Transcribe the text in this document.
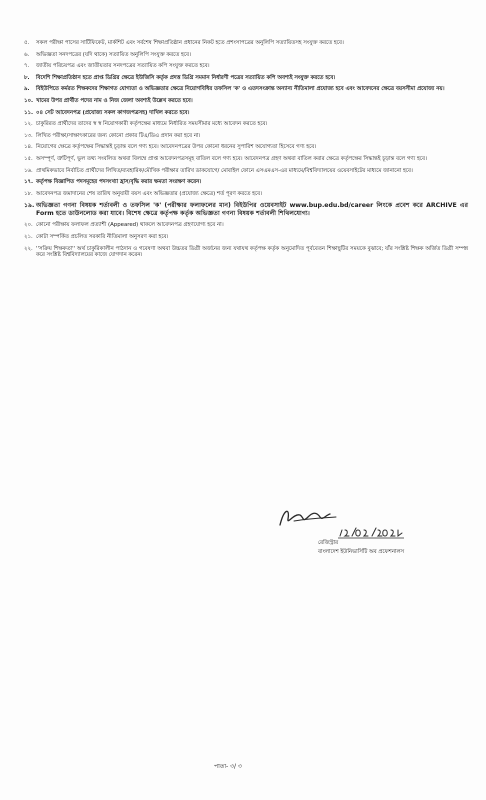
৫. সকল পরীক্ষা পাসের সার্টিফিকেট, মার্কশিট এবং সর্বশেষ শিক্ষাপ্রতিষ্ঠান প্রধানের নিকট হতে প্রশংসাপত্রের অনুলিপি সত্যায়িতসহ সংযুক্ত করতে হবে।
৬. অভিজ্ঞতা সনদপত্রের (যদি থাকে) সত্যায়িত অনুলিপি সংযুক্ত করতে হবে।
৭. জাতীয় পরিচয়পত্র এবং জাতীয়তার সনদপত্রের সত্যায়িত কপি সংযুক্ত করতে হবে।
৮. বিদেশি শিক্ষাপ্রতিষ্ঠান হতে প্রাপ্ত ডিগ্রির ক্ষেত্রে ইউজিসি কর্তৃক প্রদত্ত ডিগ্রি সমমান নির্ধারণী পত্রের সত্যায়িত কপি অবশ্যই সংযুক্ত করতে হবে।
৯. বিইউপিতে কর্মরত শিক্ষকদের শিক্ষাগত যোগ্যতা ও অভিজ্ঞতার ক্ষেত্রে নিয়োগবিধির তফসিল 'ক' ও এতদসংক্রান্ত অন্যান্য নীতিমালা প্রযোজ্য হবে এবং আবেদনের ক্ষেত্রে বয়সসীমা প্রযোজ্য নয়।
১০. খামের উপর প্রার্থীত পদের নাম ও নিজ জেলা অবশ্যই উল্লেখ করতে হবে।
১১. ০৪ সেট আবেদনপত্র (প্রযোজ্য সকল কাগজপত্রসহ) দাখিল করতে হবে।
১২. চাকুরিরত প্রার্থীদের তাদের স্ব স্ব নিয়োগকারী কর্তৃপক্ষের মাধ্যমে নির্ধারিত সময়সীমার মধ্যে আবেদন করতে হবে।
১৩. লিখিত পরীক্ষা/সাক্ষাৎকারের জন্য কোনো প্রকার টিএ/ডিএ প্রদান করা হবে না।
১৪. নিয়োগের ক্ষেত্রে কর্তৃপক্ষের সিদ্ধান্তই চূড়ান্ত বলে গণ্য হবে। আবেদনপত্রের উপর কোনো ধরনের সুপারিশ অযোগ্যতা হিসেবে গণ্য হবে।
১৫. অসম্পূর্ণ, ত্রুটিপূর্ণ, ভুল তথ্য সংবলিত অথবা বিলম্বে প্রাপ্ত আবেদনপত্রসমূহ বাতিল বলে গণ্য হবে। আবেদনপত্র গ্রহণ অথবা বাতিল করার ক্ষেত্রে কর্তৃপক্ষের সিদ্ধান্তই চূড়ান্ত বলে গণ্য হবে।
১৬. প্রাথমিকভাবে নির্বাচিত প্রার্থীদের লিখিত/ব্যবহারিক/মৌখিক পরীক্ষার তারিখ ডাকযোগে/ মোবাইল ফোনে এসএমএস-এর মাধ্যমে/বিশ্ববিদ্যালয়ের ওয়েবসাইটের মাধ্যমে জানানো হবে।
১৭. কর্তৃপক্ষ বিজ্ঞাপিত পদসমূহের পদসংখ্যা হ্রাস/বৃদ্ধি করার ক্ষমতা সংরক্ষণ করেন।
১৮. আবেদনপত্র জমাদানের শেষ তারিখ অনুযায়ী বয়স এবং অভিজ্ঞতার (প্রযোজ্য ক্ষেত্রে) শর্ত পূরণ করতে হবে।
১৯. অভিজ্ঞতা গণনা বিষয়ক শর্তাবলী ও তফসিল 'ক' (পরীক্ষার ফলাফলের মান) বিইউপির ওয়েবসাইট www.bup.edu.bd/career লিংকে প্রবেশ করে ARCHIVE এর Form হতে ডাউনলোড করা যাবে। বিশেষ ক্ষেত্রে কর্তৃপক্ষ কর্তৃক অভিজ্ঞতা গণনা বিষয়ক শর্তাবলী শিথিলযোগ্য।
২০. কোনো পরীক্ষায় ফলাফল প্রত্যাশী (Appeared) থাকলে আবেদনপত্র গ্রহণযোগ্য হবে না।
২১. কোটা সম্পর্কিত প্রচলিত সরকারি নীতিমালা অনুসরণ করা হবে।
২২. ''সক্রিয় শিক্ষকতা'' অর্থ চাকুরিকালীন পাঠদান ও গবেষণা অথবা উচ্চতর ডিগ্রী অর্জনের জন্য যথাযথ কর্তৃপক্ষ কর্তৃক অনুমোদিত পূর্ববেতন শিক্ষাছুটির সময়কে বুঝাবে; যাঁর সংশ্লিষ্ট শিক্ষক অর্জিত ডিগ্রী সম্পন্ন করে সংশ্লিষ্ট বিশ্ববিদ্যালয়ের কাজে যোগদান করেন।
রেজিস্ট্রার
বাংলাদেশ ইউনিভার্সিটি অব প্রফেশনালস
পাতা- ৩/ ৩
